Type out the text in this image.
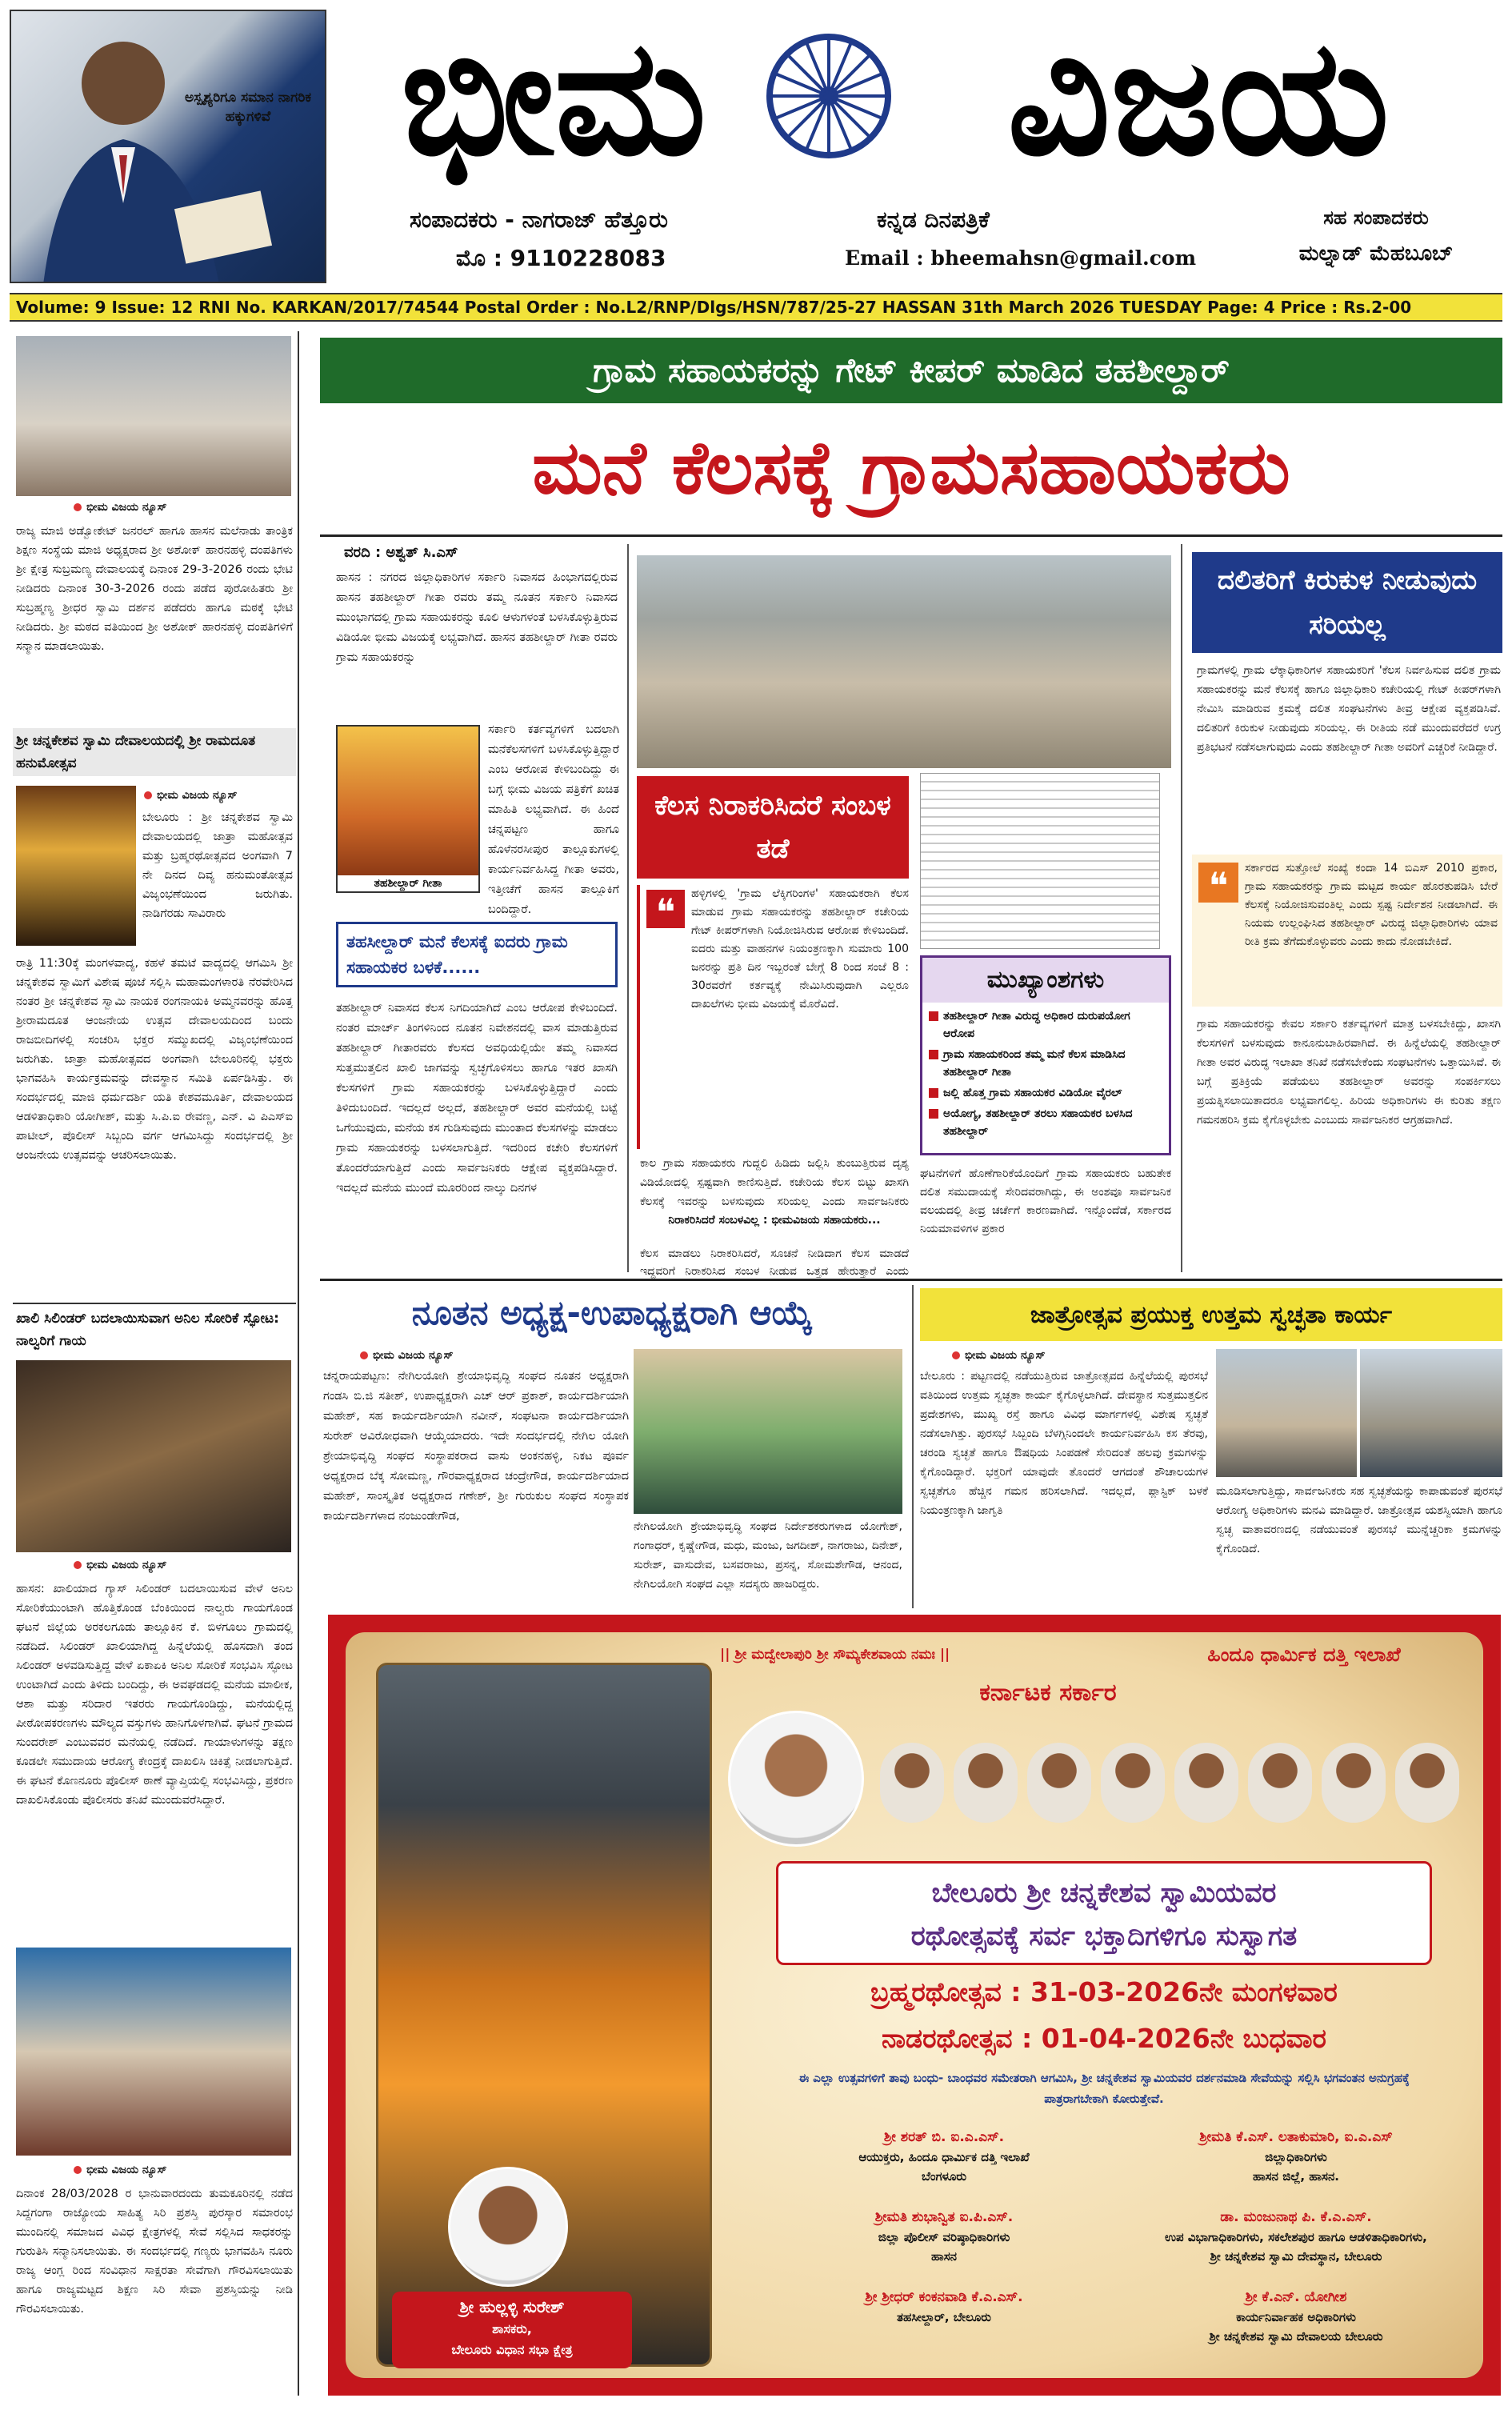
ಅಸ್ಪೃಶ್ಯರಿಗೂ ಸಮಾನ ನಾಗರಿಕ ಹಕ್ಕುಗಳಿವೆ ಭೀಮ	ವಿಜಯ
ಸಂಪಾದಕರು - ನಾಗರಾಜ್ ಹೆತ್ತೂರು
ಮೊ : 9110228083
ಕನ್ನಡ ದಿನಪತ್ರಿಕೆ
Email : bheemahsn@gmail.com
ಸಹ ಸಂಪಾದಕರು
ಮಲ್ನಾಡ್ ಮೆಹಬೂಬ್
Volume: 9 Issue: 12 RNI No. KARKAN/2017/74544 Postal Order : No.L2/RNP/Dlgs/HSN/787/25-27 HASSAN 31th March 2026 TUESDAY Page: 4 Price : Rs.2-00
ಭೀಮ ವಿಜಯ ನ್ಯೂಸ್
ರಾಜ್ಯ ಮಾಜಿ ಅಡ್ವೋಕೇಟ್ ಜನರಲ್ ಹಾಗೂ ಹಾಸನ ಮಲೆನಾಡು ತಾಂತ್ರಿಕ ಶಿಕ್ಷಣ ಸಂಸ್ಥೆಯ ಮಾಜಿ ಅಧ್ಯಕ್ಷರಾದ ಶ್ರೀ ಅಶೋಕ್ ಹಾರನಹಳ್ಳಿ ದಂಪತಿಗಳು ಶ್ರೀ ಕ್ಷೇತ್ರ ಸುಬ್ರಮಣ್ಯ ದೇವಾಲಯಕ್ಕೆ ದಿನಾಂಕ 29-3-2026 ರಂದು ಭೇಟಿ ನೀಡಿದರು ದಿನಾಂಕ 30-3-2026 ರಂದು ಪಡೆದ ಪುರೋಹಿತರು ಶ್ರೀ ಸುಬ್ರಹ್ಮಣ್ಯ ಶ್ರೀಧರ ಸ್ವಾಮಿ ದರ್ಶನ ಪಡೆದರು ಹಾಗೂ ಮಠಕ್ಕೆ ಭೇಟಿ ನೀಡಿದರು. ಶ್ರೀ ಮಠದ ವತಿಯಿಂದ ಶ್ರೀ ಅಶೋಕ್ ಹಾರನಹಳ್ಳಿ ದಂಪತಿಗಳಿಗೆ ಸನ್ಮಾನ ಮಾಡಲಾಯಿತು.
ಶ್ರೀ ಚನ್ನಕೇಶವ ಸ್ವಾಮಿ ದೇವಾಲಯದಲ್ಲಿ ಶ್ರೀ ರಾಮದೂತ ಹನುಮೋತ್ಸವ
ಭೀಮ ವಿಜಯ ನ್ಯೂಸ್
ಬೇಲೂರು : ಶ್ರೀ ಚನ್ನಕೇಶವ ಸ್ವಾಮಿ ದೇವಾಲಯದಲ್ಲಿ ಜಾತ್ರಾ ಮಹೋತ್ಸವ ಮತ್ತು ಬ್ರಹ್ಮರಥೋತ್ಸವದ ಅಂಗವಾಗಿ 7 ನೇ ದಿನದ ದಿವ್ಯ ಹನುಮಂತೋತ್ಸವ ವಿಜೃಂಭಣೆಯಿಂದ ಜರುಗಿತು. ನಾಡಿಗೆರಡು ಸಾವಿರಾರು
ರಾತ್ರಿ 11:30ಕ್ಕೆ ಮಂಗಳವಾದ್ಯ, ಕಹಳೆ ತಮಟೆ ವಾದ್ಯದಲ್ಲಿ ಆಗಮಿಸಿ ಶ್ರೀ ಚನ್ನಕೇಶವ ಸ್ವಾಮಿಗೆ ವಿಶೇಷ ಪೂಜೆ ಸಲ್ಲಿಸಿ ಮಹಾಮಂಗಳಾರತಿ ನೆರವೇರಿಸಿದ ನಂತರ ಶ್ರೀ ಚನ್ನಕೇಶವ ಸ್ವಾಮಿ ನಾಯಕ ರಂಗನಾಯಕಿ ಅಮ್ಮನವರನ್ನು ಹೊತ್ತ ಶ್ರೀರಾಮದೂತ ಆಂಜನೇಯ ಉತ್ಸವ ದೇವಾಲಯದಿಂದ ಬಂದು ರಾಜಬೀದಿಗಳಲ್ಲಿ ಸಂಚರಿಸಿ ಭಕ್ತರ ಸಮ್ಮುಖದಲ್ಲಿ ವಿಜೃಂಭಣೆಯಿಂದ ಜರುಗಿತು. ಜಾತ್ರಾ ಮಹೋತ್ಸವದ ಅಂಗವಾಗಿ ಬೇಲೂರಿನಲ್ಲಿ ಭಕ್ತರು ಭಾಗವಹಿಸಿ ಕಾರ್ಯಕ್ರಮವನ್ನು ದೇವಸ್ಥಾನ ಸಮಿತಿ ಏರ್ಪಡಿಸಿತ್ತು. ಈ ಸಂದರ್ಭದಲ್ಲಿ ಮಾಜಿ ಧರ್ಮದರ್ಶಿ ಯತಿ ಕೇಶವಮೂರ್ತಿ, ದೇವಾಲಯದ ಆಡಳಿತಾಧಿಕಾರಿ ಯೋಗೀಶ್, ಮತ್ತು ಸಿ.ಪಿ.ಐ ರೇವಣ್ಣ, ಎನ್. ವಿ ಪಿಎಸ್‌ಐ ಪಾಟೀಲ್, ಪೊಲೀಸ್ ಸಿಬ್ಬಂದಿ ವರ್ಗ ಆಗಮಿಸಿದ್ದು ಸಂದರ್ಭದಲ್ಲಿ ಶ್ರೀ ಆಂಜನೇಯ ಉತ್ಸವವನ್ನು ಆಚರಿಸಲಾಯಿತು.
ಖಾಲಿ ಸಿಲಿಂಡರ್ ಬದಲಾಯಿಸುವಾಗ ಅನಿಲ ಸೋರಿಕೆ ಸ್ಫೋಟ: ನಾಲ್ವರಿಗೆ ಗಾಯ
ಭೀಮ ವಿಜಯ ನ್ಯೂಸ್
ಹಾಸನ: ಖಾಲಿಯಾದ ಗ್ಯಾಸ್ ಸಿಲಿಂಡರ್ ಬದಲಾಯಿಸುವ ವೇಳೆ ಅನಿಲ ಸೋರಿಕೆಯುಂಟಾಗಿ ಹೊತ್ತಿಕೊಂಡ ಬೆಂಕಿಯಿಂದ ನಾಲ್ವರು ಗಾಯಗೊಂಡ ಘಟನೆ ಜಿಲ್ಲೆಯ ಅರಕಲಗೂಡು ತಾಲ್ಲೂಕಿನ ಕೆ. ಬಿಳಗೂಲು ಗ್ರಾಮದಲ್ಲಿ ನಡೆದಿದೆ. ಸಿಲಿಂಡರ್ ಖಾಲಿಯಾಗಿದ್ದ ಹಿನ್ನೆಲೆಯಲ್ಲಿ ಹೊಸದಾಗಿ ತಂದ ಸಿಲಿಂಡರ್ ಅಳವಡಿಸುತ್ತಿದ್ದ ವೇಳೆ ಏಕಾಏಕಿ ಅನಿಲ ಸೋರಿಕೆ ಸಂಭವಿಸಿ ಸ್ಫೋಟ ಉಂಟಾಗಿದೆ ಎಂದು ತಿಳಿದು ಬಂದಿದ್ದು, ಈ ಅವಘಡದಲ್ಲಿ ಮನೆಯ ಮಾಲೀಕ, ಆಶಾ ಮತ್ತು ಸರಿದಾರ ಇತರರು ಗಾಯಗೊಂಡಿದ್ದು, ಮನೆಯಲ್ಲಿದ್ದ ಪೀಠೋಪಕರಣಗಳು ಮೌಲ್ಯದ ವಸ್ತುಗಳು ಹಾನಿಗೊಳಗಾಗಿವೆ. ಘಟನೆ ಗ್ರಾಮದ ಸುಂದರೇಶ್ ಎಂಬುವವರ ಮನೆಯಲ್ಲಿ ನಡೆದಿದೆ. ಗಾಯಾಳುಗಳನ್ನು ತಕ್ಷಣ ಕೂಡಲೇ ಸಮುದಾಯ ಆರೋಗ್ಯ ಕೇಂದ್ರಕ್ಕೆ ದಾಖಲಿಸಿ ಚಿಕಿತ್ಸೆ ನೀಡಲಾಗುತ್ತಿದೆ. ಈ ಘಟನೆ ಕೊಣನೂರು ಪೊಲೀಸ್ ಠಾಣೆ ವ್ಯಾಪ್ತಿಯಲ್ಲಿ ಸಂಭವಿಸಿದ್ದು, ಪ್ರಕರಣ ದಾಖಲಿಸಿಕೊಂಡು ಪೊಲೀಸರು ತನಿಖೆ ಮುಂದುವರೆಸಿದ್ದಾರೆ.
ಭೀಮ ವಿಜಯ ನ್ಯೂಸ್
ದಿನಾಂಕ 28/03/2028 ರ ಭಾನುವಾರದಂದು ತುಮಕೂರಿನಲ್ಲಿ ನಡೆದ ಸಿದ್ದಗಂಗಾ ರಾಜ್ಯೋಯ ಸಾಹಿತ್ಯ ಸಿರಿ ಪ್ರಶಸ್ತಿ ಪುರಸ್ಕಾರ ಸಮಾರಂಭ ಮುಂದಿನಲ್ಲಿ ಸಮಾಜದ ವಿವಿಧ ಕ್ಷೇತ್ರಗಳಲ್ಲಿ ಸೇವೆ ಸಲ್ಲಿಸಿದ ಸಾಧಕರನ್ನು ಗುರುತಿಸಿ ಸನ್ಮಾನಿಸಲಾಯಿತು. ಈ ಸಂದರ್ಭದಲ್ಲಿ ಗಣ್ಯರು ಭಾಗವಹಿಸಿ ನೂರು ರಾಜ್ಯ ಆಂಗ್ಲ ರಿಂದ ಸಂವಿಧಾನ ಸಾಕ್ಷರತಾ ಸೇವೆಗಾಗಿ ಗೌರವಿಸಲಾಯಿತು ಹಾಗೂ ರಾಜ್ಯಮಟ್ಟದ ಶಿಕ್ಷಣ ಸಿರಿ ಸೇವಾ ಪ್ರಶಸ್ತಿಯನ್ನು ನೀಡಿ ಗೌರವಿಸಲಾಯಿತು.
ಗ್ರಾಮ ಸಹಾಯಕರನ್ನು ಗೇಟ್ ಕೀಪರ್ ಮಾಡಿದ ತಹಶೀಲ್ದಾರ್
ಮನೆ ಕೆಲಸಕ್ಕೆ ಗ್ರಾಮಸಹಾಯಕರು
ವರದಿ : ಅಶ್ವತ್ ಸಿ.ಎಸ್
ಹಾಸನ : ನಗರದ ಜಿಲ್ಲಾಧಿಕಾರಿಗಳ ಸರ್ಕಾರಿ ನಿವಾಸದ ಹಿಂಭಾಗದಲ್ಲಿರುವ ಹಾಸನ ತಹಶೀಲ್ದಾರ್ ಗೀತಾ ರವರು ತಮ್ಮ ನೂತನ ಸರ್ಕಾರಿ ನಿವಾಸದ ಮುಂಭಾಗದಲ್ಲಿ ಗ್ರಾಮ ಸಹಾಯಕರನ್ನು ಕೂಲಿ ಆಳುಗಳಂತೆ ಬಳಸಿಕೊಳ್ಳುತ್ತಿರುವ ವಿಡಿಯೋ ಭೀಮ ವಿಜಯಕ್ಕೆ ಲಭ್ಯವಾಗಿದೆ. ಹಾಸನ ತಹಶೀಲ್ದಾರ್ ಗೀತಾ ರವರು ಗ್ರಾಮ ಸಹಾಯಕರನ್ನು
ತಹಶೀಲ್ದಾರ್ ಗೀತಾ
ಸರ್ಕಾರಿ ಕರ್ತವ್ಯಗಳಿಗೆ ಬದಲಾಗಿ ಮನೆಕೆಲಸಗಳಿಗೆ ಬಳಸಿಕೊಳ್ಳುತ್ತಿದ್ದಾರೆ ಎಂಬ ಆರೋಪ ಕೇಳಿಬಂದಿದ್ದು ಈ ಬಗ್ಗೆ ಭೀಮ ವಿಜಯ ಪತ್ರಿಕೆಗೆ ಖಚಿತ ಮಾಹಿತಿ ಲಭ್ಯವಾಗಿದೆ. ಈ ಹಿಂದೆ ಚನ್ನಪಟ್ಟಣ ಹಾಗೂ ಹೊಳೆನರಸೀಪುರ ತಾಲ್ಲೂಕುಗಳಲ್ಲಿ ಕಾರ್ಯನಿರ್ವಹಿಸಿದ್ದ ಗೀತಾ ಅವರು, ಇತ್ತೀಚೆಗೆ ಹಾಸನ ತಾಲ್ಲೂಕಿಗೆ ಬಂದಿದ್ದಾರೆ.
ತಹಸೀಲ್ದಾರ್ ಮನೆ ಕೆಲಸಕ್ಕೆ ಐದರು ಗ್ರಾಮ ಸಹಾಯಕರ ಬಳಕೆ......
ತಹಶೀಲ್ದಾರ್ ನಿವಾಸದ ಕೆಲಸ ನಿಗದಿಯಾಗಿದೆ ಎಂಬ ಆರೋಪ ಕೇಳಿಬಂದಿದೆ. ನಂತರ ಮಾರ್ಚ್ ತಿಂಗಳಿನಿಂದ ನೂತನ ನಿವೇಶನದಲ್ಲಿ ವಾಸ ಮಾಡುತ್ತಿರುವ ತಹಶೀಲ್ದಾರ್ ಗೀತಾರವರು ಕೆಲಸದ ಅವಧಿಯಲ್ಲಿಯೇ ತಮ್ಮ ನಿವಾಸದ ಸುತ್ತಮುತ್ತಲಿನ ಖಾಲಿ ಜಾಗವನ್ನು ಸ್ವಚ್ಛಗೊಳಿಸಲು ಹಾಗೂ ಇತರ ಖಾಸಗಿ ಕೆಲಸಗಳಿಗೆ ಗ್ರಾಮ ಸಹಾಯಕರನ್ನು ಬಳಸಿಕೊಳ್ಳುತ್ತಿದ್ದಾರೆ ಎಂದು ತಿಳಿದುಬಂದಿದೆ. ಇದಲ್ಲದೆ ಅಲ್ಲದೆ, ತಹಶೀಲ್ದಾರ್ ಅವರ ಮನೆಯಲ್ಲಿ ಬಟ್ಟೆ ಒಗೆಯುವುದು, ಮನೆಯ ಕಸ ಗುಡಿಸುವುದು ಮುಂತಾದ ಕೆಲಸಗಳನ್ನು ಮಾಡಲು ಗ್ರಾಮ ಸಹಾಯಕರನ್ನು ಬಳಸಲಾಗುತ್ತಿದೆ. ಇದರಿಂದ ಕಚೇರಿ ಕೆಲಸಗಳಿಗೆ ತೊಂದರೆಯಾಗುತ್ತಿದೆ ಎಂದು ಸಾರ್ವಜನಿಕರು ಆಕ್ಷೇಪ ವ್ಯಕ್ತಪಡಿಸಿದ್ದಾರೆ. ಇದಲ್ಲದೆ ಮನೆಯ ಮುಂದೆ ಮೂರರಿಂದ ನಾಲ್ಕು ದಿನಗಳ
ಕೆಲಸ ನಿರಾಕರಿಸಿದರೆ ಸಂಬಳ ತಡೆ
❝	ಹಳ್ಳಿಗಳಲ್ಲಿ 'ಗ್ರಾಮ ಲೆಕ್ಕಿಗರಿಂಗಳ' ಸಹಾಯಕರಾಗಿ ಕೆಲಸ ಮಾಡುವ ಗ್ರಾಮ ಸಹಾಯಕರನ್ನು ತಹಶೀಲ್ದಾರ್ ಕಚೇರಿಯ ಗೇಟ್ ಕೀಪರ್‌ಗಳಾಗಿ ನಿಯೋಜಿಸಿರುವ ಆರೋಪ ಕೇಳಿಬಂದಿದೆ. ಐದರು ಮತ್ತು ವಾಹನಗಳ ನಿಯಂತ್ರಣಕ್ಕಾಗಿ ಸುಮಾರು 100 ಜನರನ್ನು ಪ್ರತಿ ದಿನ ಇಬ್ಬರಂತೆ ಬೇಗ್ಗೆ 8 ರಿಂದ ಸಂಜೆ 8 : 30ರವರೆಗೆ ಕರ್ತವ್ಯಕ್ಕೆ ನೇಮಿಸಿರುವುದಾಗಿ ಎಲ್ಲರೂ ದಾಖಲೆಗಳು ಭೀಮ ವಿಜಯಕ್ಕೆ ಮೊರೆವಿದೆ.
ಕಾಲ ಗ್ರಾಮ ಸಹಾಯಕರು ಗುದ್ದಲಿ ಹಿಡಿದು ಜಲ್ಲಿಸಿ ತುಂಬುತ್ತಿರುವ ದೃಶ್ಯ ವಿಡಿಯೋದಲ್ಲಿ ಸ್ಪಷ್ಟವಾಗಿ ಕಾಣಿಸುತ್ತಿದೆ. ಕಚೇರಿಯ ಕೆಲಸ ಬಿಟ್ಟು ಖಾಸಗಿ ಕೆಲಸಕ್ಕೆ ಇವರನ್ನು ಬಳಸುವುದು ಸರಿಯಲ್ಲ ಎಂದು ಸಾರ್ವಜನಿಕರು
ನಿರಾಕರಿಸಿದರೆ ಸಂಬಳವಿಲ್ಲ : ಭೀಮವಿಜಯ ಸಹಾಯಕರು...
ಕೆಲಸ ಮಾಡಲು ನಿರಾಕರಿಸಿದರೆ, ಸೂಚನೆ ನೀಡಿದಾಗ ಕೆಲಸ ಮಾಡದೆ ಇದ್ದವರಿಗೆ ನಿರಾಕರಿಸಿದ ಸಂಬಳ ನೀಡುವ ಒತ್ತಡ ಹೇರುತ್ತಾರೆ ಎಂದು
ಮುಖ್ಯಾಂಶಗಳು
ತಹಶೀಲ್ದಾರ್ ಗೀತಾ ವಿರುದ್ಧ ಅಧಿಕಾರ ದುರುಪಯೋಗ ಆರೋಪ
ಗ್ರಾಮ ಸಹಾಯಕರಿಂದ ತಮ್ಮ ಮನೆ ಕೆಲಸ ಮಾಡಿಸಿದ ತಹಶೀಲ್ದಾರ್ ಗೀತಾ
ಜಲ್ಲಿ ಹೊತ್ತ ಗ್ರಾಮ ಸಹಾಯಕರ ವಿಡಿಯೋ ವೈರಲ್
ಅಯೋಗ್ಯ, ತಹಶೀಲ್ದಾರ್ ತರಲು ಸಹಾಯಕರ ಬಳಸಿದ ತಹಶೀಲ್ದಾರ್
ಘಟನೆಗಳಿಗೆ ಹೊಣೆಗಾರಿಕೆಯೊಂದಿಗೆ ಗ್ರಾಮ ಸಹಾಯಕರು ಬಹುತೇಕ ದಲಿತ ಸಮುದಾಯಕ್ಕೆ ಸೇರಿದವರಾಗಿದ್ದು, ಈ ಅಂಶವೂ ಸಾರ್ವಜನಿಕ ವಲಯದಲ್ಲಿ ತೀವ್ರ ಚರ್ಚೆಗೆ ಕಾರಣವಾಗಿದೆ. ಇನ್ನೊಂದೆಡೆ, ಸರ್ಕಾರದ ನಿಯಮಾವಳಿಗಳ ಪ್ರಕಾರ
ದಲಿತರಿಗೆ ಕಿರುಕುಳ ನೀಡುವುದು ಸರಿಯಲ್ಲ
ಗ್ರಾಮಗಳಲ್ಲಿ ಗ್ರಾಮ ಲೆಕ್ಕಾಧಿಕಾರಿಗಳ ಸಹಾಯಕರಿಗೆ 'ಕೆಲಸ ನಿರ್ವಹಿಸುವ ದಲಿತ ಗ್ರಾಮ ಸಹಾಯಕರನ್ನು ಮನೆ ಕೆಲಸಕ್ಕೆ ಹಾಗೂ ಜಿಲ್ಲಾಧಿಕಾರಿ ಕಚೇರಿಯಲ್ಲಿ ಗೇಟ್ ಕೀಪರ್‌ಗಳಾಗಿ ನೇಮಿಸಿ ಮಾಡಿರುವ ಕ್ರಮಕ್ಕೆ ದಲಿತ ಸಂಘಟನೆಗಳು ತೀವ್ರ ಆಕ್ಷೇಪ ವ್ಯಕ್ತಪಡಿಸಿವೆ. ದಲಿತರಿಗೆ ಕಿರುಕುಳ ನೀಡುವುದು ಸರಿಯಲ್ಲ. ಈ ರೀತಿಯ ನಡೆ ಮುಂದುವರೆದರೆ ಉಗ್ರ ಪ್ರತಿಭಟನೆ ನಡೆಸಲಾಗುವುದು ಎಂದು ತಹಶೀಲ್ದಾರ್ ಗೀತಾ ಅವರಿಗೆ ಎಚ್ಚರಿಕೆ ನೀಡಿದ್ದಾರೆ.
❝	ಸರ್ಕಾರದ ಸುತ್ತೋಲೆ ಸಂಖ್ಯೆ ಕಂದಾ 14 ಬಿಎಸ್‌ 2010 ಪ್ರಕಾರ, ಗ್ರಾಮ ಸಹಾಯಕರನ್ನು ಗ್ರಾಮ ಮಟ್ಟದ ಕಾರ್ಯ ಹೊರತುಪಡಿಸಿ ಬೇರೆ ಕೆಲಸಕ್ಕೆ ನಿಯೋಜಿಸುವಂತಿಲ್ಲ ಎಂದು ಸ್ಪಷ್ಟ ನಿರ್ದೇಶನ ನೀಡಲಾಗಿದೆ. ಈ ನಿಯಮ ಉಲ್ಲಂಘಿಸಿದ ತಹಶೀಲ್ದಾರ್ ವಿರುದ್ಧ ಜಿಲ್ಲಾಧಿಕಾರಿಗಳು ಯಾವ ರೀತಿ ಕ್ರಮ ತೆಗೆದುಕೊಳ್ಳುವರು ಎಂದು ಕಾದು ನೋಡಬೇಕಿದೆ.
ಗ್ರಾಮ ಸಹಾಯಕರನ್ನು ಕೇವಲ ಸರ್ಕಾರಿ ಕರ್ತವ್ಯಗಳಿಗೆ ಮಾತ್ರ ಬಳಸಬೇಕಿದ್ದು, ಖಾಸಗಿ ಕೆಲಸಗಳಿಗೆ ಬಳಸುವುದು ಕಾನೂನುಬಾಹಿರವಾಗಿದೆ. ಈ ಹಿನ್ನೆಲೆಯಲ್ಲಿ ತಹಶೀಲ್ದಾರ್ ಗೀತಾ ಅವರ ವಿರುದ್ಧ ಇಲಾಖಾ ತನಿಖೆ ನಡೆಸಬೇಕೆಂದು ಸಂಘಟನೆಗಳು ಒತ್ತಾಯಿಸಿವೆ. ಈ ಬಗ್ಗೆ ಪ್ರತಿಕ್ರಿಯೆ ಪಡೆಯಲು ತಹಶೀಲ್ದಾರ್ ಅವರನ್ನು ಸಂಪರ್ಕಿಸಲು ಪ್ರಯತ್ನಿಸಲಾಯಿತಾದರೂ ಲಭ್ಯವಾಗಲಿಲ್ಲ. ಹಿರಿಯ ಅಧಿಕಾರಿಗಳು ಈ ಕುರಿತು ತಕ್ಷಣ ಗಮನಹರಿಸಿ ಕ್ರಮ ಕೈಗೊಳ್ಳಬೇಕು ಎಂಬುದು ಸಾರ್ವಜನಿಕರ ಆಗ್ರಹವಾಗಿದೆ.
ನೂತನ ಅಧ್ಯಕ್ಷ-ಉಪಾಧ್ಯಕ್ಷರಾಗಿ ಆಯ್ಕೆ
ಭೀಮ ವಿಜಯ ನ್ಯೂಸ್
ಚನ್ನರಾಯಪಟ್ಟಣ: ನೇಗಿಲಯೋಗಿ ಶ್ರೇಯಾಭಿವೃದ್ಧಿ ಸಂಘದ ನೂತನ ಅಧ್ಯಕ್ಷರಾಗಿ ಗಂಡಸಿ ಬಿ.ಜಿ ಸತೀಶ್, ಉಪಾಧ್ಯಕ್ಷರಾಗಿ ಎಚ್ ಆರ್ ಪ್ರಕಾಶ್, ಕಾರ್ಯದರ್ಶಿಯಾಗಿ ಮಹೇಶ್, ಸಹ ಕಾರ್ಯದರ್ಶಿಯಾಗಿ ನವೀನ್, ಸಂಘಟನಾ ಕಾರ್ಯದರ್ಶಿಯಾಗಿ ಸುರೇಶ್ ಅವಿರೋಧವಾಗಿ ಆಯ್ಕೆಯಾದರು. ಇದೇ ಸಂದರ್ಭದಲ್ಲಿ ನೇಗಿಲ ಯೋಗಿ ಶ್ರೇಯಾಭಿವೃದ್ಧಿ ಸಂಘದ ಸಂಸ್ಥಾಪಕರಾದ ವಾಸು ಅಂಕನಹಳ್ಳಿ, ನಿಕಟ ಪೂರ್ವ ಅಧ್ಯಕ್ಷರಾದ ಬೆಕ್ಕ ಸೋಮಣ್ಣ, ಗೌರವಾಧ್ಯಕ್ಷರಾದ ಚಂದ್ರೇಗೌಡ, ಕಾರ್ಯದರ್ಶಿಯಾದ ಮಹೇಶ್, ಸಾಂಸ್ಕೃತಿಕ ಅಧ್ಯಕ್ಷರಾದ ಗಣೇಶ್, ಶ್ರೀ ಗುರುಕುಲ ಸಂಘದ ಸಂಸ್ಥಾಪಕ ಕಾರ್ಯದರ್ಶಿಗಳಾದ ನಂಜುಂಡೇಗೌಡ,
ನೇಗಿಲಯೋಗಿ ಶ್ರೇಯಾಭಿವೃದ್ಧಿ ಸಂಘದ ನಿರ್ದೇಶಕರುಗಳಾದ ಯೋಗೇಶ್, ಗಂಗಾಧರ್, ಕೃಷ್ಣೇಗೌಡ, ಮಧು, ಮಂಜು, ಜಗದೀಶ್, ನಾಗರಾಜು, ದಿನೇಶ್, ಸುರೇಶ್, ವಾಸುದೇವ, ಬಸವರಾಜು, ಪ್ರಸನ್ನ, ಸೋಮಶೇಗೌಡ, ಆನಂದ, ನೇಗಿಲಯೋಗಿ ಸಂಘದ ಎಲ್ಲಾ ಸದಸ್ಯರು ಹಾಜರಿದ್ದರು.
ಜಾತ್ರೋತ್ಸವ ಪ್ರಯುಕ್ತ ಉತ್ತಮ ಸ್ವಚ್ಛತಾ ಕಾರ್ಯ
ಭೀಮ ವಿಜಯ ನ್ಯೂಸ್
ಬೇಲೂರು : ಪಟ್ಟಣದಲ್ಲಿ ನಡೆಯುತ್ತಿರುವ ಜಾತ್ರೋತ್ಸವದ ಹಿನ್ನೆಲೆಯಲ್ಲಿ ಪುರಸಭೆ ವತಿಯಿಂದ ಉತ್ತಮ ಸ್ವಚ್ಛತಾ ಕಾರ್ಯ ಕೈಗೊಳ್ಳಲಾಗಿದೆ. ದೇವಸ್ಥಾನ ಸುತ್ತಮುತ್ತಲಿನ ಪ್ರದೇಶಗಳು, ಮುಖ್ಯ ರಸ್ತೆ ಹಾಗೂ ವಿವಿಧ ಮಾರ್ಗಗಳಲ್ಲಿ ವಿಶೇಷ ಸ್ವಚ್ಛತೆ ನಡೆಸಲಾಗಿತ್ತು. ಪುರಸಭೆ ಸಿಬ್ಬಂದಿ ಬೆಳಗ್ಗಿನಿಂದಲೇ ಕಾರ್ಯನಿರ್ವಹಿಸಿ ಕಸ ತೆರವು, ಚರಂಡಿ ಸ್ವಚ್ಛತೆ ಹಾಗೂ ಔಷಧಿಯ ಸಿಂಪಡಣೆ ಸೇರಿದಂತೆ ಹಲವು ಕ್ರಮಗಳನ್ನು ಕೈಗೊಂಡಿದ್ದಾರೆ. ಭಕ್ತರಿಗೆ ಯಾವುದೇ ತೊಂದರೆ ಆಗದಂತೆ ಶೌಚಾಲಯಗಳ ಸ್ವಚ್ಛತೆಗೂ ಹೆಚ್ಚಿನ ಗಮನ ಹರಿಸಲಾಗಿದೆ. ಇದಲ್ಲದೆ, ಪ್ಲಾಸ್ಟಿಕ್ ಬಳಕೆ ನಿಯಂತ್ರಣಕ್ಕಾಗಿ ಜಾಗೃತಿ
ಮೂಡಿಸಲಾಗುತ್ತಿದ್ದು, ಸಾರ್ವಜನಿಕರು ಸಹ ಸ್ವಚ್ಛತೆಯನ್ನು ಕಾಪಾಡುವಂತೆ ಪುರಸಭೆ ಆರೋಗ್ಯ ಅಧಿಕಾರಿಗಳು ಮನವಿ ಮಾಡಿದ್ದಾರೆ. ಜಾತ್ರೋತ್ಸವ ಯಶಸ್ವಿಯಾಗಿ ಹಾಗೂ ಸ್ವಚ್ಛ ವಾತಾವರಣದಲ್ಲಿ ನಡೆಯುವಂತೆ ಪುರಸಭೆ ಮುನ್ನೆಚ್ಚರಿಕಾ ಕ್ರಮಗಳನ್ನು ಕೈಗೊಂಡಿದೆ.
|| ಶ್ರೀ ಮದ್ವೇಲಾಪುರಿ ಶ್ರೀ ಸೌಮ್ಯಕೇಶವಾಯ ನಮಃ ||	ಹಿಂದೂ ಧಾರ್ಮಿಕ ದತ್ತಿ ಇಲಾಖೆ
ಕರ್ನಾಟಕ ಸರ್ಕಾರ
ಬೇಲೂರು ಶ್ರೀ ಚನ್ನಕೇಶವ ಸ್ವಾಮಿಯವರ
ರಥೋತ್ಸವಕ್ಕೆ ಸರ್ವ ಭಕ್ತಾದಿಗಳಿಗೂ ಸುಸ್ವಾಗತ
ಬ್ರಹ್ಮರಥೋತ್ಸವ : 31-03-2026ನೇ ಮಂಗಳವಾರ
ನಾಡರಥೋತ್ಸವ : 01-04-2026ನೇ ಬುಧವಾರ
ಈ ಎಲ್ಲಾ ಉತ್ಸವಗಳಿಗೆ ತಾವು ಬಂಧು- ಬಾಂಧವರ ಸಮೇತರಾಗಿ ಆಗಮಿಸಿ, ಶ್ರೀ ಚನ್ನಕೇಶವ ಸ್ವಾಮಿಯವರ ದರ್ಶನಮಾಡಿ ಸೇವೆಯನ್ನು ಸಲ್ಲಿಸಿ ಭಗವಂತನ ಅನುಗ್ರಹಕ್ಕೆ ಪಾತ್ರರಾಗಬೇಕಾಗಿ ಕೋರುತ್ತೇವೆ.
ಶ್ರೀ ಶರತ್ ಬಿ. ಐ.ಎ.ಎಸ್.
ಆಯುಕ್ತರು, ಹಿಂದೂ ಧಾರ್ಮಿಕ ದತ್ತಿ ಇಲಾಖೆ
ಬೆಂಗಳೂರು
ಶ್ರೀಮತಿ ಕೆ.ಎಸ್. ಲತಾಕುಮಾರಿ, ಐ.ಎ.ಎಸ್
ಜಿಲ್ಲಾಧಿಕಾರಿಗಳು
ಹಾಸನ ಜಿಲ್ಲೆ, ಹಾಸನ.
ಶ್ರೀಮತಿ ಶುಭಾನ್ವಿತ ಐ.ಪಿ.ಎಸ್.
ಜಿಲ್ಲಾ ಪೊಲೀಸ್ ವರಿಷ್ಠಾಧಿಕಾರಿಗಳು
ಹಾಸನ
ಡಾ. ಮಂಜುನಾಥ ಪಿ. ಕೆ.ಎ.ಎಸ್.
ಉಪ ವಿಭಾಗಾಧಿಕಾರಿಗಳು, ಸಕಲೇಶಪುರ ಹಾಗೂ ಆಡಳಿತಾಧಿಕಾರಿಗಳು,
ಶ್ರೀ ಚನ್ನಕೇಶವ ಸ್ವಾಮಿ ದೇವಸ್ಥಾನ, ಬೇಲೂರು
ಶ್ರೀ ಶ್ರೀಧರ್ ಕಂಕನವಾಡಿ ಕೆ.ಎ.ಎಸ್.
ತಹಸೀಲ್ದಾರ್, ಬೇಲೂರು
ಶ್ರೀ ಕೆ.ಎನ್. ಯೋಗೀಶ
ಕಾರ್ಯನಿರ್ವಾಹಕ ಅಧಿಕಾರಿಗಳು
ಶ್ರೀ ಚನ್ನಕೇಶವ ಸ್ವಾಮಿ ದೇವಾಲಯ ಬೇಲೂರು
ಶ್ರೀ ಹುಲ್ಲಳ್ಳಿ ಸುರೇಶ್
ಶಾಸಕರು,
ಬೇಲೂರು ವಿಧಾನ ಸಭಾ ಕ್ಷೇತ್ರ
